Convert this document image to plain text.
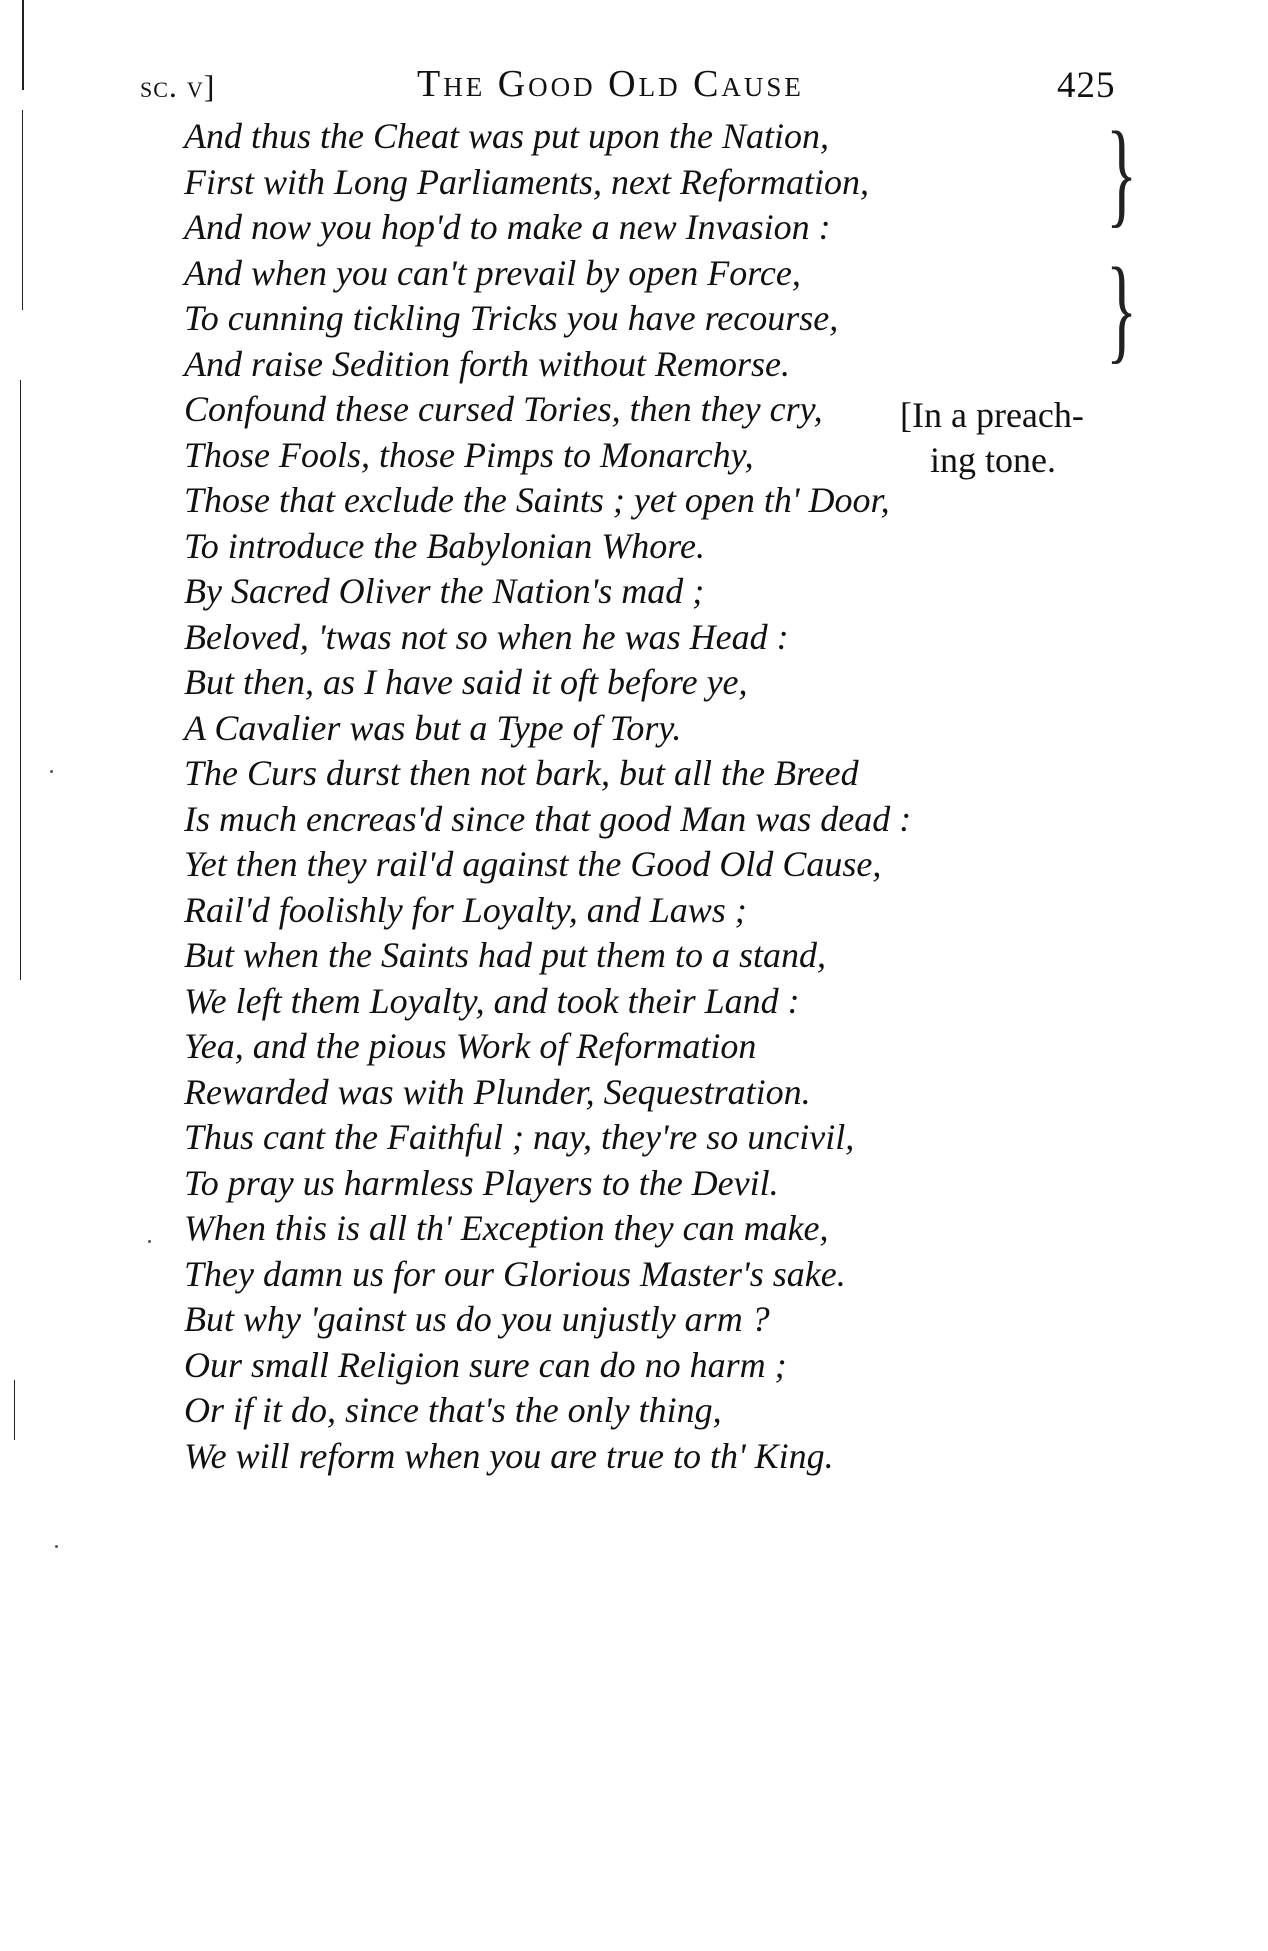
sc. v]	The Good Old Cause	425
And thus the Cheat was put upon the Nation,
First with Long Parliaments, next Reformation,
And now you hop'd to make a new Invasion :
And when you can't prevail by open Force,
To cunning tickling Tricks you have recourse,
And raise Sedition forth without Remorse.
Confound these cursed Tories, then they cry,
Those Fools, those Pimps to Monarchy,
Those that exclude the Saints ; yet open th' Door,
To introduce the Babylonian Whore.
By Sacred Oliver the Nation's mad ;
Beloved, 'twas not so when he was Head :
But then, as I have said it oft before ye,
A Cavalier was but a Type of Tory.
The Curs durst then not bark, but all the Breed
Is much encreas'd since that good Man was dead :
Yet then they rail'd against the Good Old Cause,
Rail'd foolishly for Loyalty, and Laws ;
But when the Saints had put them to a stand,
We left them Loyalty, and took their Land :
Yea, and the pious Work of Reformation
Rewarded was with Plunder, Sequestration.
Thus cant the Faithful ; nay, they're so uncivil,
To pray us harmless Players to the Devil.
When this is all th' Exception they can make,
They damn us for our Glorious Master's sake.
But why 'gainst us do you unjustly arm ?
Our small Religion sure can do no harm ;
Or if it do, since that's the only thing,
We will reform when you are true to th' King.
}
}
[In a preach-
ing tone.
